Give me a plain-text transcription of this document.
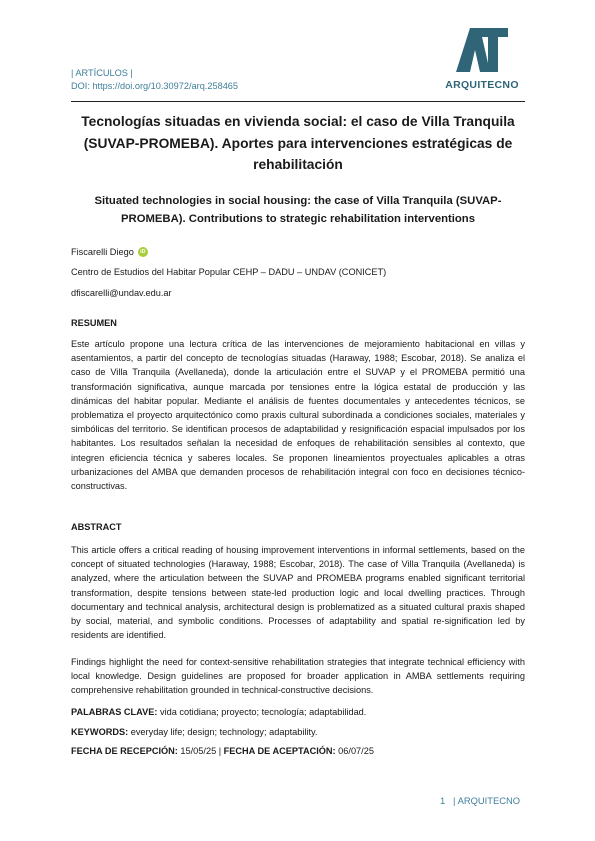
| ARTÍCULOS |
DOI: https://doi.org/10.30972/arq.258465	ARQUITECNO
Tecnologías situadas en vivienda social: el caso de Villa Tranquila (SUVAP-PROMEBA). Aportes para intervenciones estratégicas de rehabilitación
Situated technologies in social housing: the case of Villa Tranquila (SUVAP-PROMEBA). Contributions to strategic rehabilitation interventions
Fiscarelli Diego	iD
Centro de Estudios del Habitar Popular CEHP – DADU – UNDAV (CONICET)
dfiscarelli@undav.edu.ar
RESUMEN

Este artículo propone una lectura crítica de las intervenciones de mejoramiento habitacional en villas y asentamientos, a partir del concepto de tecnologías situadas (Haraway, 1988; Escobar, 2018). Se analiza el caso de Villa Tranquila (Avellaneda), donde la articulación entre el SUVAP y el PROMEBA permitió una transformación significativa, aunque marcada por tensiones entre la lógica estatal de producción y las dinámicas del habitar popular. Mediante el análisis de fuentes documentales y antecedentes técnicos, se problematiza el proyecto arquitectónico como praxis cultural subordinada a condiciones sociales, materiales y simbólicas del territorio. Se identifican procesos de adaptabilidad y resignificación espacial impulsados por los habitantes. Los resultados señalan la necesidad de enfoques de rehabilitación sensibles al contexto, que integren eficiencia técnica y saberes locales. Se proponen lineamientos proyectuales aplicables a otras urbanizaciones del AMBA que demanden procesos de rehabilitación integral con foco en decisiones técnico-constructivas.

ABSTRACT

This article offers a critical reading of housing improvement interventions in informal settlements, based on the concept of situated technologies (Haraway, 1988; Escobar, 2018). The case of Villa Tranquila (Avellaneda) is analyzed, where the articulation between the SUVAP and PROMEBA programs enabled significant territorial transformation, despite tensions between state-led production logic and local dwelling practices. Through documentary and technical analysis, architectural design is problematized as a situated cultural praxis shaped by social, material, and symbolic conditions. Processes of adaptability and spatial re-signification led by residents are identified.

Findings highlight the need for context-sensitive rehabilitation strategies that integrate technical efficiency with local knowledge. Design guidelines are proposed for broader application in AMBA settlements requiring comprehensive rehabilitation grounded in technical-constructive decisions.

PALABRAS CLAVE: vida cotidiana; proyecto; tecnología; adaptabilidad.
KEYWORDS: everyday life; design; technology; adaptability.
FECHA DE RECEPCIÓN: 15/05/25 | FECHA DE ACEPTACIÓN: 06/07/25
1 | ARQUITECNO
